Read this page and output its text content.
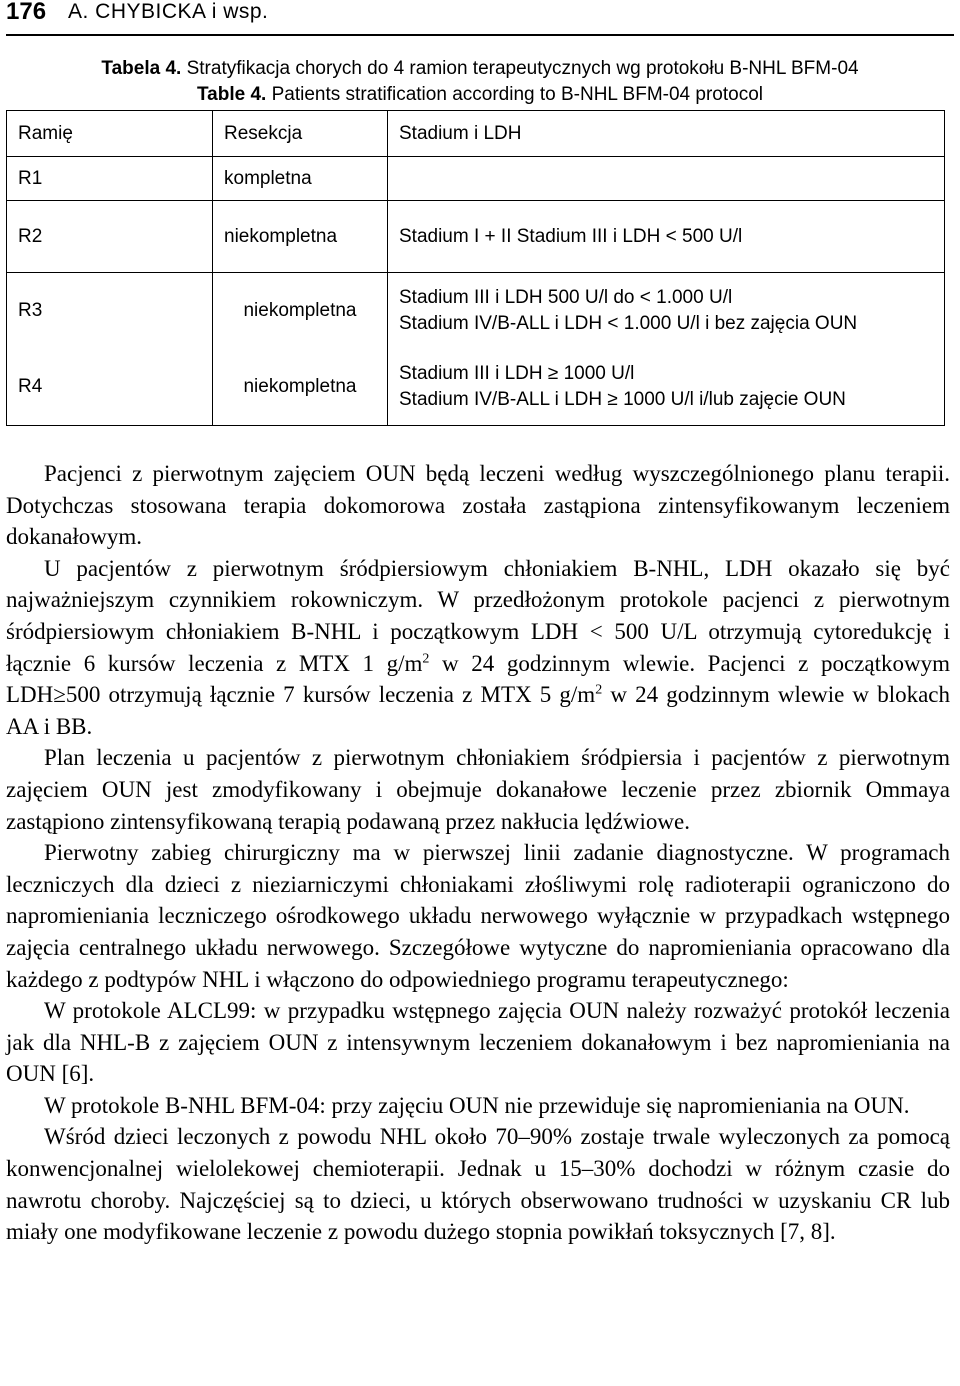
176 A. CHYBICKA i wsp.
Tabela 4. Stratyfikacja chorych do 4 ramion terapeutycznych wg protokołu B-NHL BFM-04
Table 4. Patients stratification according to B-NHL BFM-04 protocol
Ramię	Resekcja	Stadium i LDH
R1	kompletna	
R2	niekompletna	Stadium I + II Stadium III i LDH < 500 U/l
R3	niekompletna	Stadium III i LDH 500 U/l do < 1.000 U/l
Stadium IV/B-ALL i LDH < 1.000 U/l i bez zajęcia OUN

R4	niekompletna	Stadium III i LDH ≥ 1000 U/l
Stadium IV/B-ALL i LDH ≥ 1000 U/l i/lub zajęcie OUN

Pacjenci z pierwotnym zajęciem OUN będą leczeni według wyszczególnionego planu terapii. Dotychczas stosowana terapia dokomorowa została zastąpiona zintensyfikowanym leczeniem dokanałowym.

U pacjentów z pierwotnym śródpiersiowym chłoniakiem B-NHL, LDH okazało się być najważniejszym czynnikiem rokowniczym. W przedłożonym protokole pacjenci z pierwotnym śródpiersiowym chłoniakiem B-NHL i początkowym LDH < 500 U/L otrzymują cytoredukcję i łącznie 6 kursów leczenia z MTX 1 $g/m^2$ w 24 godzinnym wlewie. Pacjenci z początkowym LDH≥500 otrzymują łącznie 7 kursów leczenia z MTX 5 $g/m^2$ w 24 godzinnym wlewie w blokach AA i BB.

Plan leczenia u pacjentów z pierwotnym chłoniakiem śródpiersia i pacjentów z pierwotnym zajęciem OUN jest zmodyfikowany i obejmuje dokanałowe leczenie przez zbiornik Ommaya zastąpiono zintensyfikowaną terapią podawaną przez nakłucia lędźwiowe.

Pierwotny zabieg chirurgiczny ma w pierwszej linii zadanie diagnostyczne. W programach leczniczych dla dzieci z nieziarniczymi chłoniakami złośliwymi rolę radioterapii ograniczono do napromieniania leczniczego ośrodkowego układu nerwowego wyłącznie w przypadkach wstępnego zajęcia centralnego układu nerwowego. Szczegółowe wytyczne do napromieniania opracowano dla każdego z podtypów NHL i włączono do odpowiedniego programu terapeutycznego:

W protokole ALCL99: w przypadku wstępnego zajęcia OUN należy rozważyć protokół leczenia jak dla NHL-B z zajęciem OUN z intensywnym leczeniem dokanałowym i bez napromieniania na OUN [6].

W protokole B-NHL BFM-04: przy zajęciu OUN nie przewiduje się napromieniania na OUN.

Wśród dzieci leczonych z powodu NHL około 70–90% zostaje trwale wyleczonych za pomocą konwencjonalnej wielolekowej chemioterapii. Jednak u 15–30% dochodzi w różnym czasie do nawrotu choroby. Najczęściej są to dzieci, u których obserwowano trudności w uzyskaniu CR lub miały one modyfikowane leczenie z powodu dużego stopnia powikłań toksycznych [7, 8].
